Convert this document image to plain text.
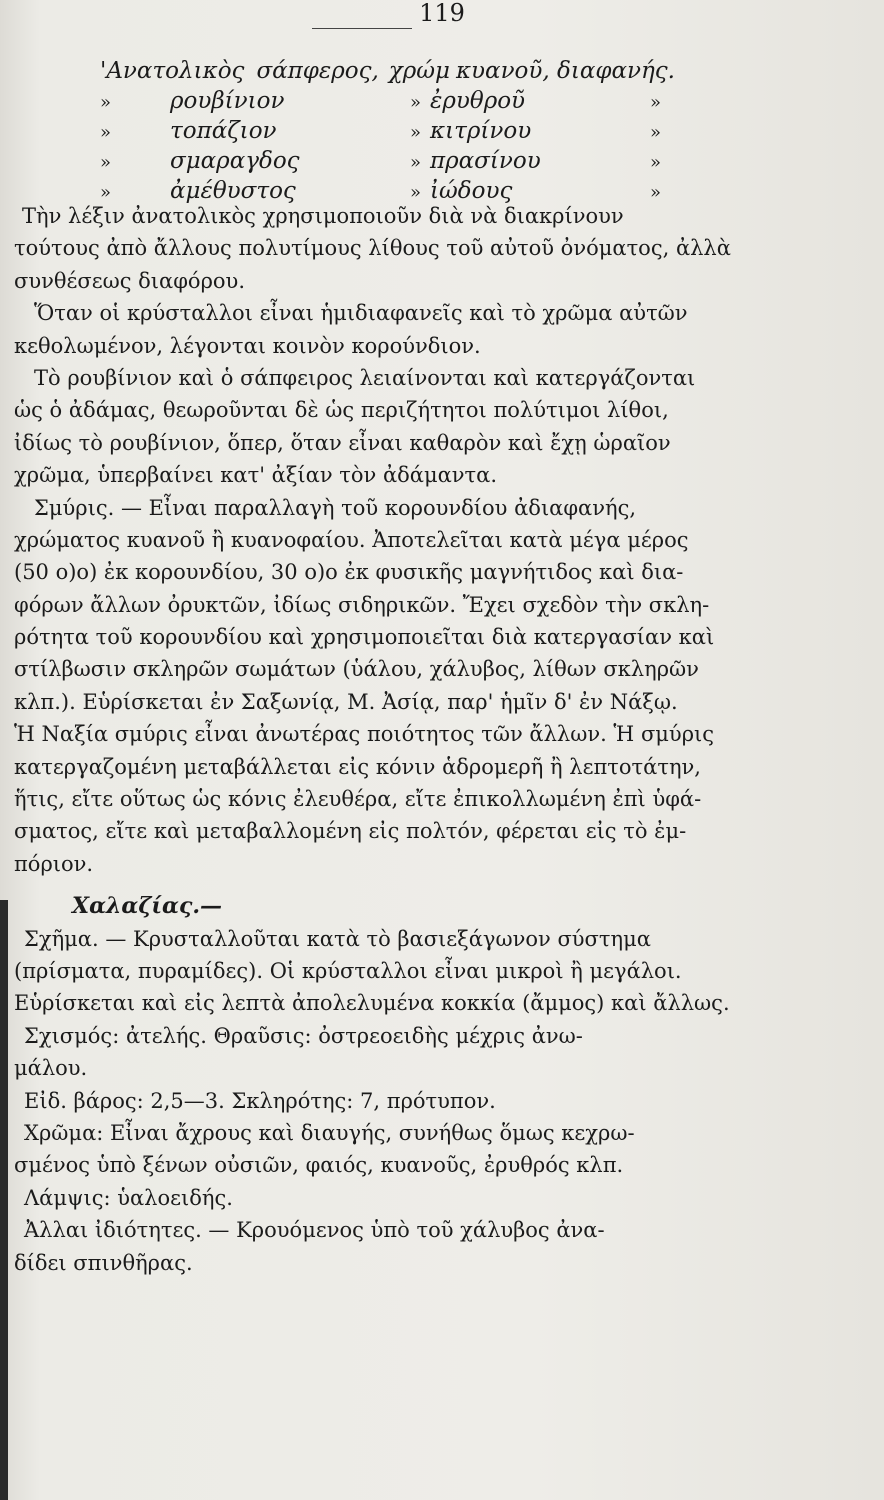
119
'Ανατολικὸς σάπφερος, χρώμ κυανοῦ, διαφανής.
»	ρουβίνιον	» ἐρυθροῦ	»
»	τοπάζιον	» κιτρίνου	»
»	σμαραγδος	» πρασίνου	»
»	ἀμέθυστος	» ἰώδους	»
Τὴν λέξιν ἀνατολικὸς χρησιμοποιοῦν διὰ νὰ διακρίνουν
τούτους ἀπὸ ἄλλους πολυτίμους λίθους τοῦ αὐτοῦ ὀνόματος, ἀλλὰ
συνθέσεως διαφόρου.
Ὅταν οἱ κρύσταλλοι εἶναι ἡμιδιαφανεῖς καὶ τὸ χρῶμα αὐτῶν
κεθολωμένον, λέγονται κοινὸν κορούνδιον.
Τὸ ρουβίνιον καὶ ὁ σάπφειρος λειαίνονται καὶ κατεργάζονται
ὡς ὁ ἀδάμας, θεωροῦνται δὲ ὡς περιζήτητοι πολύτιμοι λίθοι,
ἰδίως τὸ ρουβίνιον, ὅπερ, ὅταν εἶναι καθαρὸν καὶ ἔχῃ ὡραῖον
χρῶμα, ὑπερβαίνει κατ' ἀξίαν τὸν ἀδάμαντα.
Σμύρις. — Εἶναι παραλλαγὴ τοῦ κορουνδίου ἀδιαφανής,
χρώματος κυανοῦ ἢ κυανοφαίου. Ἀποτελεῖται κατὰ μέγα μέρος
(50 ο)ο) ἐκ κορουνδίου, 30 ο)ο ἐκ φυσικῆς μαγνήτιδος καὶ δια-
φόρων ἄλλων ὀρυκτῶν, ἰδίως σιδηρικῶν. Ἔχει σχεδὸν τὴν σκλη-
ρότητα τοῦ κορουνδίου καὶ χρησιμοποιεῖται διὰ κατεργασίαν καὶ
στίλβωσιν σκληρῶν σωμάτων (ὑάλου, χάλυβος, λίθων σκληρῶν
κλπ.). Εὑρίσκεται ἐν Σαξωνίᾳ, Μ. Ἀσίᾳ, παρ' ἡμῖν δ' ἐν Νάξῳ.
Ἡ Ναξία σμύρις εἶναι ἀνωτέρας ποιότητος τῶν ἄλλων. Ἡ σμύρις
κατεργαζομένη μεταβάλλεται εἰς κόνιν ἁδρομερῆ ἢ λεπτοτάτην,
ἥτις, εἴτε οὕτως ὡς κόνις ἐλευθέρα, εἴτε ἐπικολλωμένη ἐπὶ ὑφά-
σματος, εἴτε καὶ μεταβαλλομένη εἰς πολτόν, φέρεται εἰς τὸ ἐμ-
πόριον.
Χαλαζίας.—
Σχῆμα. — Κρυσταλλοῦται κατὰ τὸ βασιεξάγωνον σύστημα
(πρίσματα, πυραμίδες). Οἱ κρύσταλλοι εἶναι μικροὶ ἢ μεγάλοι.
Εὑρίσκεται καὶ εἰς λεπτὰ ἀπολελυμένα κοκκία (ἄμμος) καὶ ἄλλως.
Σχισμός: ἀτελής. Θραῦσις: ὀστρεοειδὴς μέχρις ἀνω-
μάλου.
Εἰδ. βάρος: 2,5—3. Σκληρότης: 7, πρότυπον.
Χρῶμα: Εἶναι ἄχρους καὶ διαυγής, συνήθως ὅμως κεχρω-
σμένος ὑπὸ ξένων οὐσιῶν, φαιός, κυανοῦς, ἐρυθρός κλπ.
Λάμψις: ὑαλοειδής.
Ἀλλαι ἰδιότητες. — Κρουόμενος ὑπὸ τοῦ χάλυβος ἀνα-
δίδει σπινθῆρας.
